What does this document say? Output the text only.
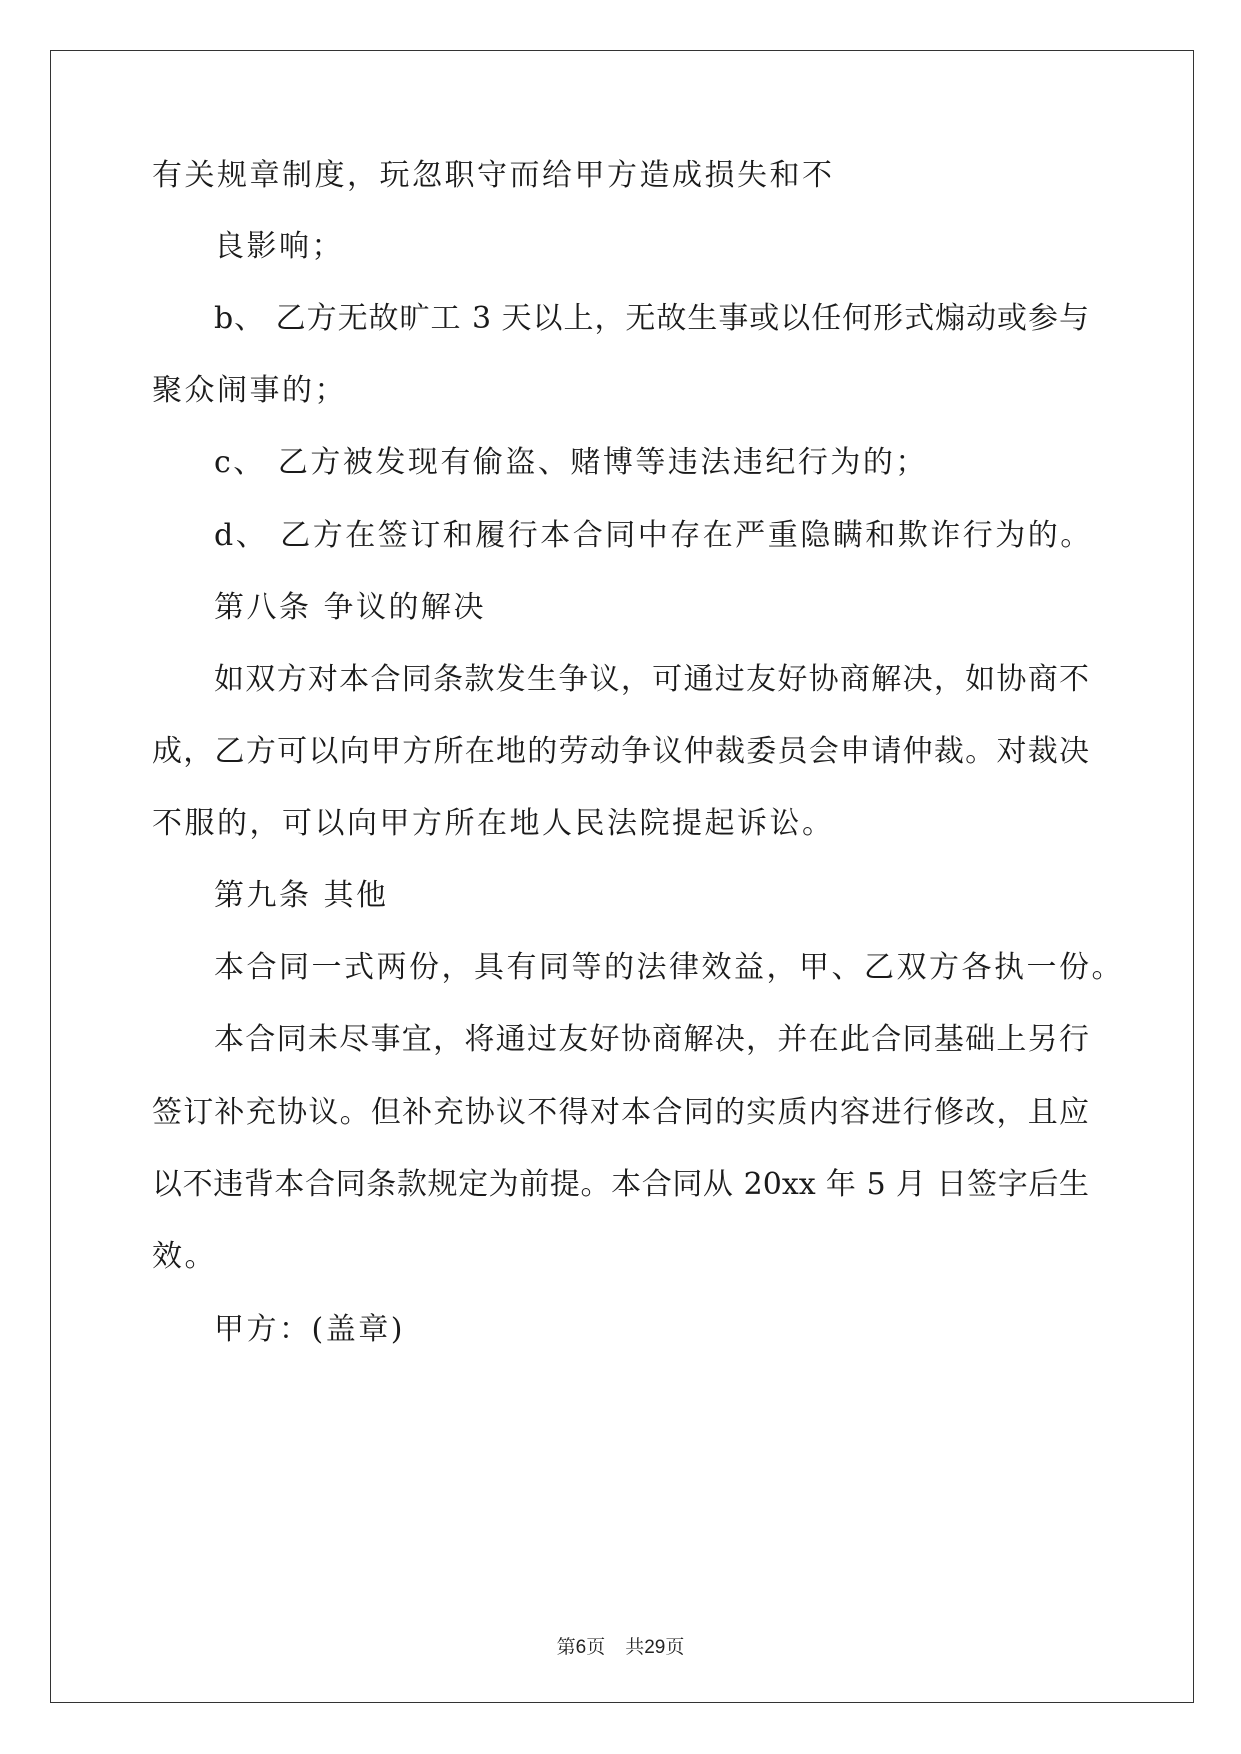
有关规章制度，玩忽职守而给甲方造成损失和不
良影响；
b、 乙方无故旷工 3 天以上，无故生事或以任何形式煽动或参与
聚众闹事的；
c、 乙方被发现有偷盗、赌博等违法违纪行为的；
d、 乙方在签订和履行本合同中存在严重隐瞒和欺诈行为的。
第八条 争议的解决
如双方对本合同条款发生争议，可通过友好协商解决，如协商不
成，乙方可以向甲方所在地的劳动争议仲裁委员会申请仲裁。对裁决
不服的，可以向甲方所在地人民法院提起诉讼。
第九条 其他
本合同一式两份，具有同等的法律效益，甲、乙双方各执一份。
本合同未尽事宜，将通过友好协商解决，并在此合同基础上另行
签订补充协议。但补充协议不得对本合同的实质内容进行修改，且应
以不违背本合同条款规定为前提。本合同从 20xx 年 5 月 日签字后生
效。
甲方：(盖章)
第6页 共29页
